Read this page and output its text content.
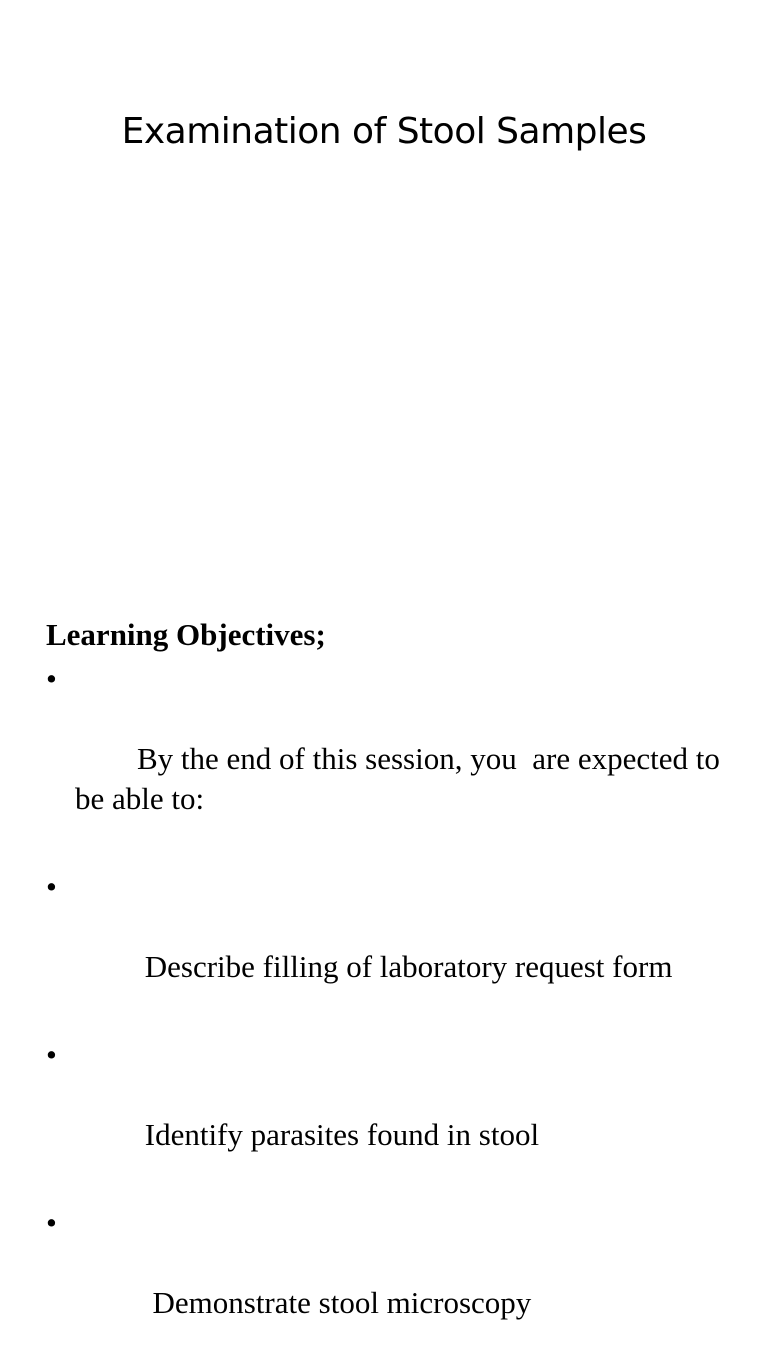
Examination of Stool Samples
Learning Objectives;

•

By the end of this session, you  are expected to be able to:

•

Describe filling of laboratory request form

•

Identify parasites found in stool

•

Demonstrate stool microscopy
